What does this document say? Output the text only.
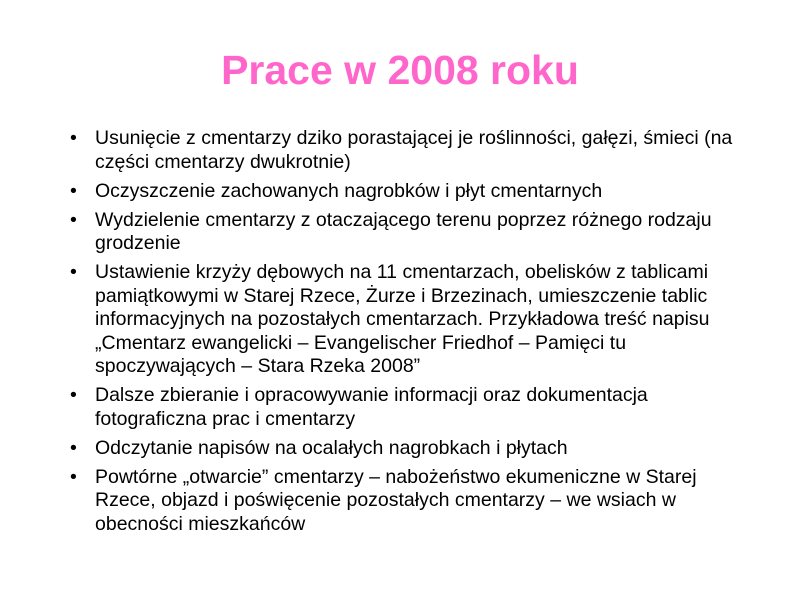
Prace w 2008 roku
• Usunięcie z cmentarzy dziko porastającej je roślinności, gałęzi, śmieci (na części cmentarzy dwukrotnie)
• Oczyszczenie zachowanych nagrobków i płyt cmentarnych
• Wydzielenie cmentarzy z otaczającego terenu poprzez różnego rodzaju grodzenie
• Ustawienie krzyży dębowych na 11 cmentarzach, obelisków z tablicami pamiątkowymi w Starej Rzece, Żurze i Brzezinach, umieszczenie tablic informacyjnych na pozostałych cmentarzach. Przykładowa treść napisu „Cmentarz ewangelicki – Evangelischer Friedhof – Pamięci tu spoczywających – Stara Rzeka 2008”
• Dalsze zbieranie i opracowywanie informacji oraz dokumentacja fotograficzna prac i cmentarzy
• Odczytanie napisów na ocalałych nagrobkach i płytach
• Powtórne „otwarcie” cmentarzy – nabożeństwo ekumeniczne w Starej Rzece, objazd i poświęcenie pozostałych cmentarzy – we wsiach w obecności mieszkańców
